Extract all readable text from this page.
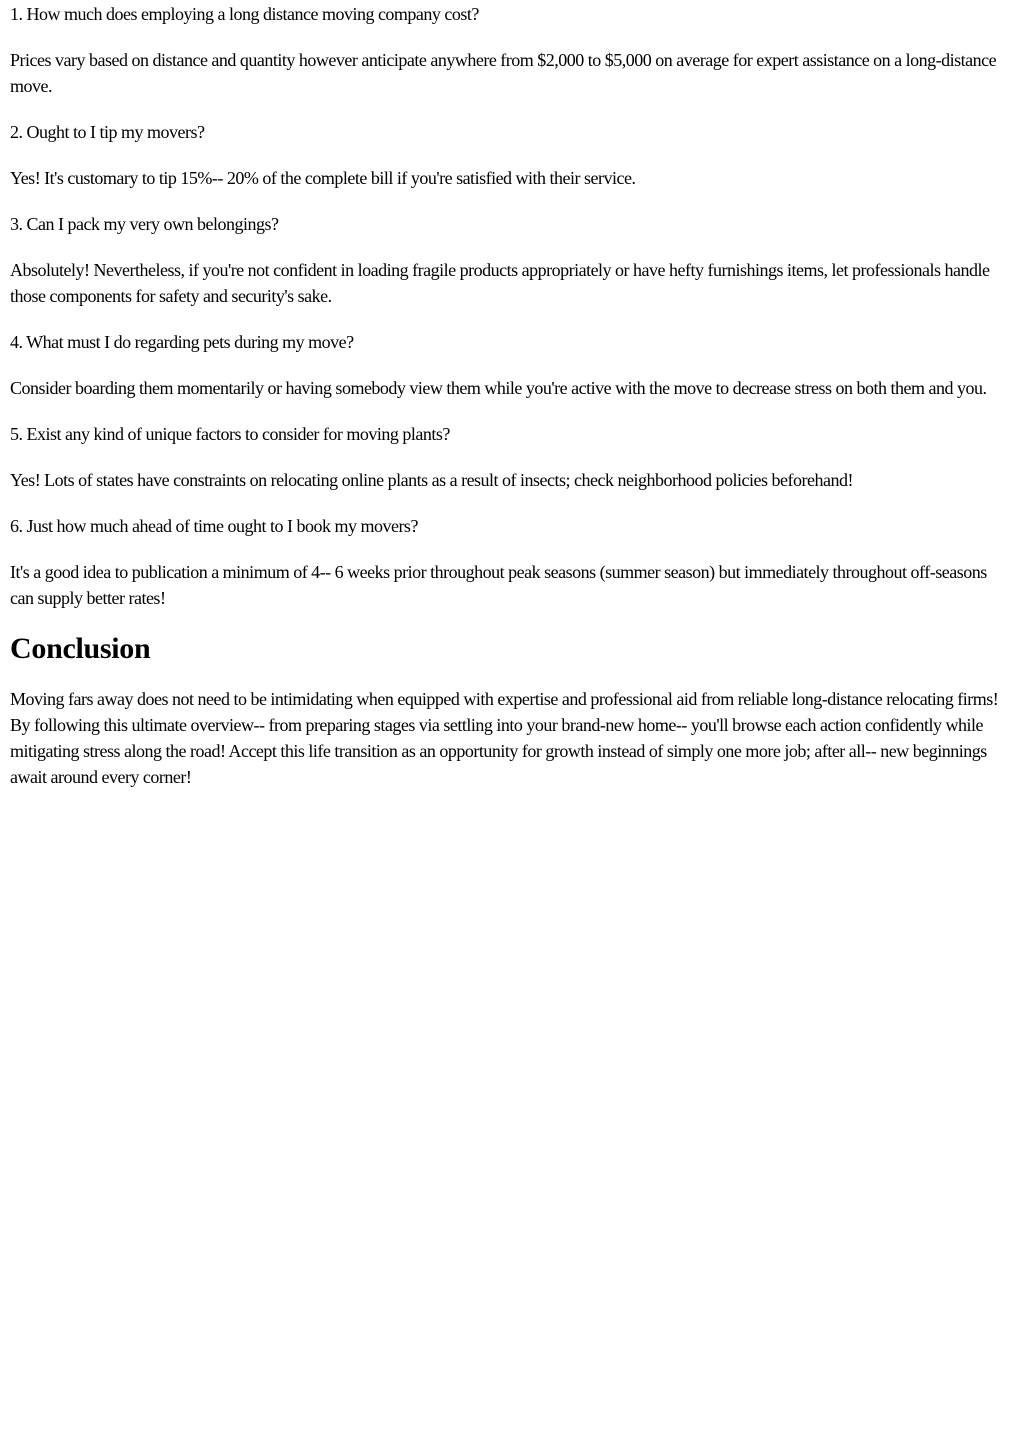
1. How much does employing a long distance moving company cost?

Prices vary based on distance and quantity however anticipate anywhere from $2,000 to $5,000 on average for expert assistance on a long-distance move.

2. Ought to I tip my movers?

Yes! It's customary to tip 15%-- 20% of the complete bill if you're satisfied with their service.

3. Can I pack my very own belongings?

Absolutely! Nevertheless, if you're not confident in loading fragile products appropriately or have hefty furnishings items, let professionals handle those components for safety and security's sake.

4. What must I do regarding pets during my move?

Consider boarding them momentarily or having somebody view them while you're active with the move to decrease stress on both them and you.

5. Exist any kind of unique factors to consider for moving plants?

Yes! Lots of states have constraints on relocating online plants as a result of insects; check neighborhood policies beforehand!

6. Just how much ahead of time ought to I book my movers?

It's a good idea to publication a minimum of 4-- 6 weeks prior throughout peak seasons (summer season) but immediately throughout off-seasons can supply better rates!

Conclusion

Moving fars away does not need to be intimidating when equipped with expertise and professional aid from reliable long-distance relocating firms! By following this ultimate overview-- from preparing stages via settling into your brand-new home-- you'll browse each action confidently while mitigating stress along the road! Accept this life transition as an opportunity for growth instead of simply one more job; after all-- new beginnings await around every corner!
